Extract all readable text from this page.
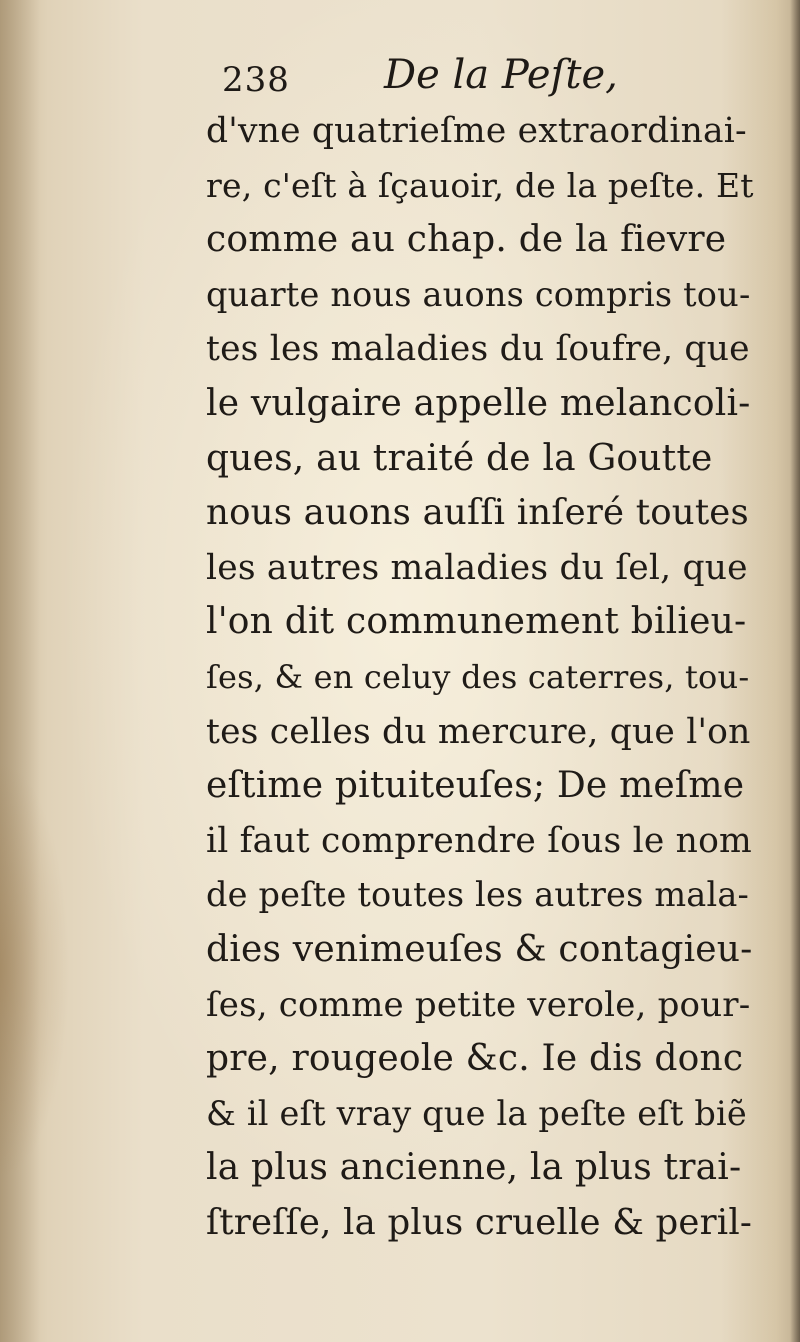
238 De la Peſte,
d'vne quatrieſme extraordinai-
re, c'eſt à ſçauoir, de la peſte. Et
comme au chap. de la fievre
quarte nous auons compris tou-
tes les maladies du ſoufre, que
le vulgaire appelle melancoli-
ques, au traité de la Goutte
nous auons auſſi inſeré toutes
les autres maladies du ſel, que
l'on dit communement bilieu-
ſes, & en celuy des caterres, tou-
tes celles du mercure, que l'on
eſtime pituiteuſes; De meſme
il faut comprendre ſous le nom
de peſte toutes les autres mala-
dies venimeuſes & contagieu-
ſes, comme petite verole, pour-
pre, rougeole &c. Ie dis donc
& il eſt vray que la peſte eſt biẽ
la plus ancienne, la plus trai-
ſtreſſe, la plus cruelle & peril-
